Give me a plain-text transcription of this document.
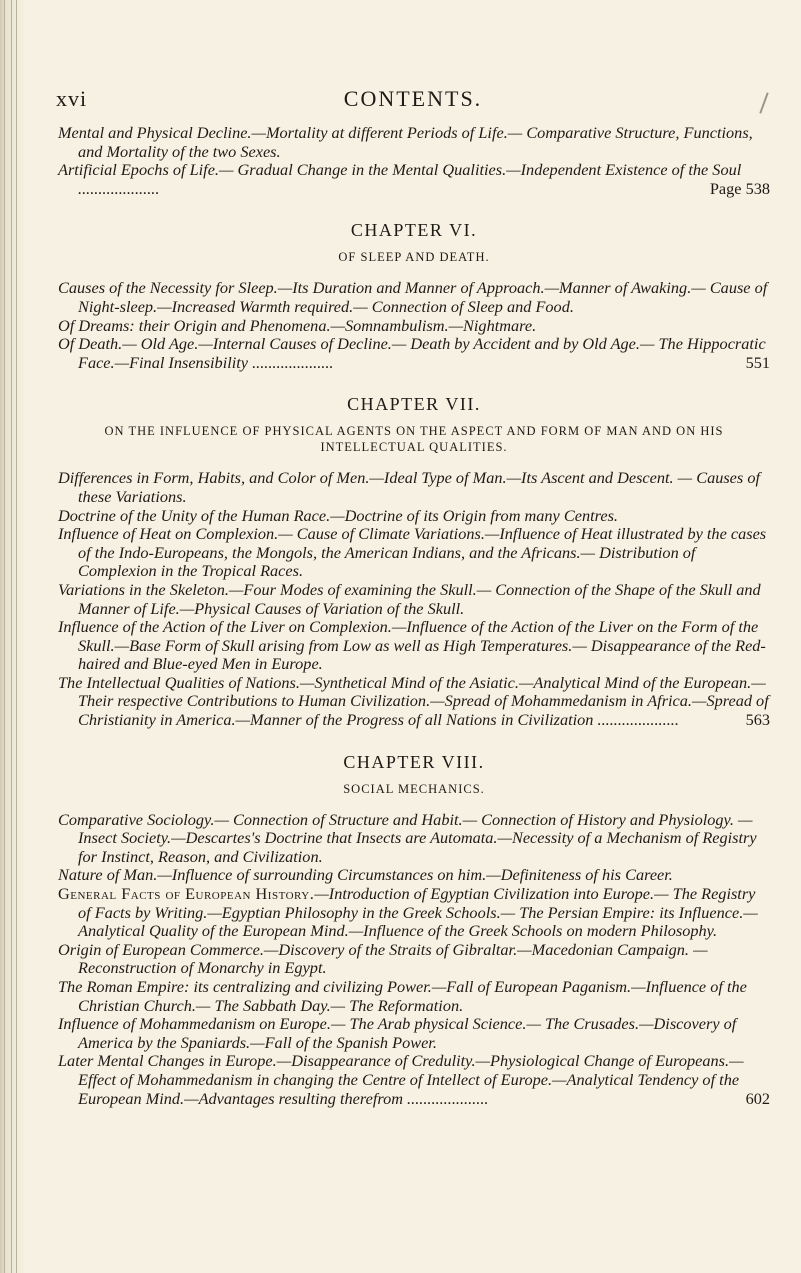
xvi	CONTENTS.

Mental and Physical Decline.—Mortality at different Periods of Life.— Comparative Structure, Functions, and Mortality of the two Sexes.

Artificial Epochs of Life.— Gradual Change in the Mental Qualities.—Independent Existence of the Soul ....................	Page 538
CHAPTER VI.
OF SLEEP AND DEATH.

Causes of the Necessity for Sleep.—Its Duration and Manner of Approach.—Manner of Awaking.— Cause of Night-sleep.—Increased Warmth required.— Connection of Sleep and Food.

Of Dreams: their Origin and Phenomena.—Somnambulism.—Nightmare.

Of Death.— Old Age.—Internal Causes of Decline.— Death by Accident and by Old Age.— The Hippocratic Face.—Final Insensibility ....................	551
CHAPTER VII.
ON THE INFLUENCE OF PHYSICAL AGENTS ON THE ASPECT AND FORM OF MAN AND ON HIS INTELLECTUAL QUALITIES.

Differences in Form, Habits, and Color of Men.—Ideal Type of Man.—Its Ascent and Descent. — Causes of these Variations.

Doctrine of the Unity of the Human Race.—Doctrine of its Origin from many Centres.

Influence of Heat on Complexion.— Cause of Climate Variations.—Influence of Heat illustrated by the cases of the Indo-Europeans, the Mongols, the American Indians, and the Africans.— Distribution of Complexion in the Tropical Races.

Variations in the Skeleton.—Four Modes of examining the Skull.— Connection of the Shape of the Skull and Manner of Life.—Physical Causes of Variation of the Skull.

Influence of the Action of the Liver on Complexion.—Influence of the Action of the Liver on the Form of the Skull.—Base Form of Skull arising from Low as well as High Temperatures.— Disappearance of the Red-haired and Blue-eyed Men in Europe.

The Intellectual Qualities of Nations.—Synthetical Mind of the Asiatic.—Analytical Mind of the European.— Their respective Contributions to Human Civilization.—Spread of Mohammedanism in Africa.—Spread of Christianity in America.—Manner of the Progress of all Nations in Civilization ....................	563
CHAPTER VIII.
SOCIAL MECHANICS.

Comparative Sociology.— Connection of Structure and Habit.— Connection of History and Physiology. — Insect Society.—Descartes's Doctrine that Insects are Automata.—Necessity of a Mechanism of Registry for Instinct, Reason, and Civilization.

Nature of Man.—Influence of surrounding Circumstances on him.—Definiteness of his Career.

General Facts of European History.—Introduction of Egyptian Civilization into Europe.— The Registry of Facts by Writing.—Egyptian Philosophy in the Greek Schools.— The Persian Empire: its Influence.—Analytical Quality of the European Mind.—Influence of the Greek Schools on modern Philosophy.

Origin of European Commerce.—Discovery of the Straits of Gibraltar.—Macedonian Campaign. —Reconstruction of Monarchy in Egypt.

The Roman Empire: its centralizing and civilizing Power.—Fall of European Paganism.—Influence of the Christian Church.— The Sabbath Day.— The Reformation.

Influence of Mohammedanism on Europe.— The Arab physical Science.— The Crusades.—Discovery of America by the Spaniards.—Fall of the Spanish Power.

Later Mental Changes in Europe.—Disappearance of Credulity.—Physiological Change of Europeans.—Effect of Mohammedanism in changing the Centre of Intellect of Europe.—Analytical Tendency of the European Mind.—Advantages resulting therefrom ....................	602
